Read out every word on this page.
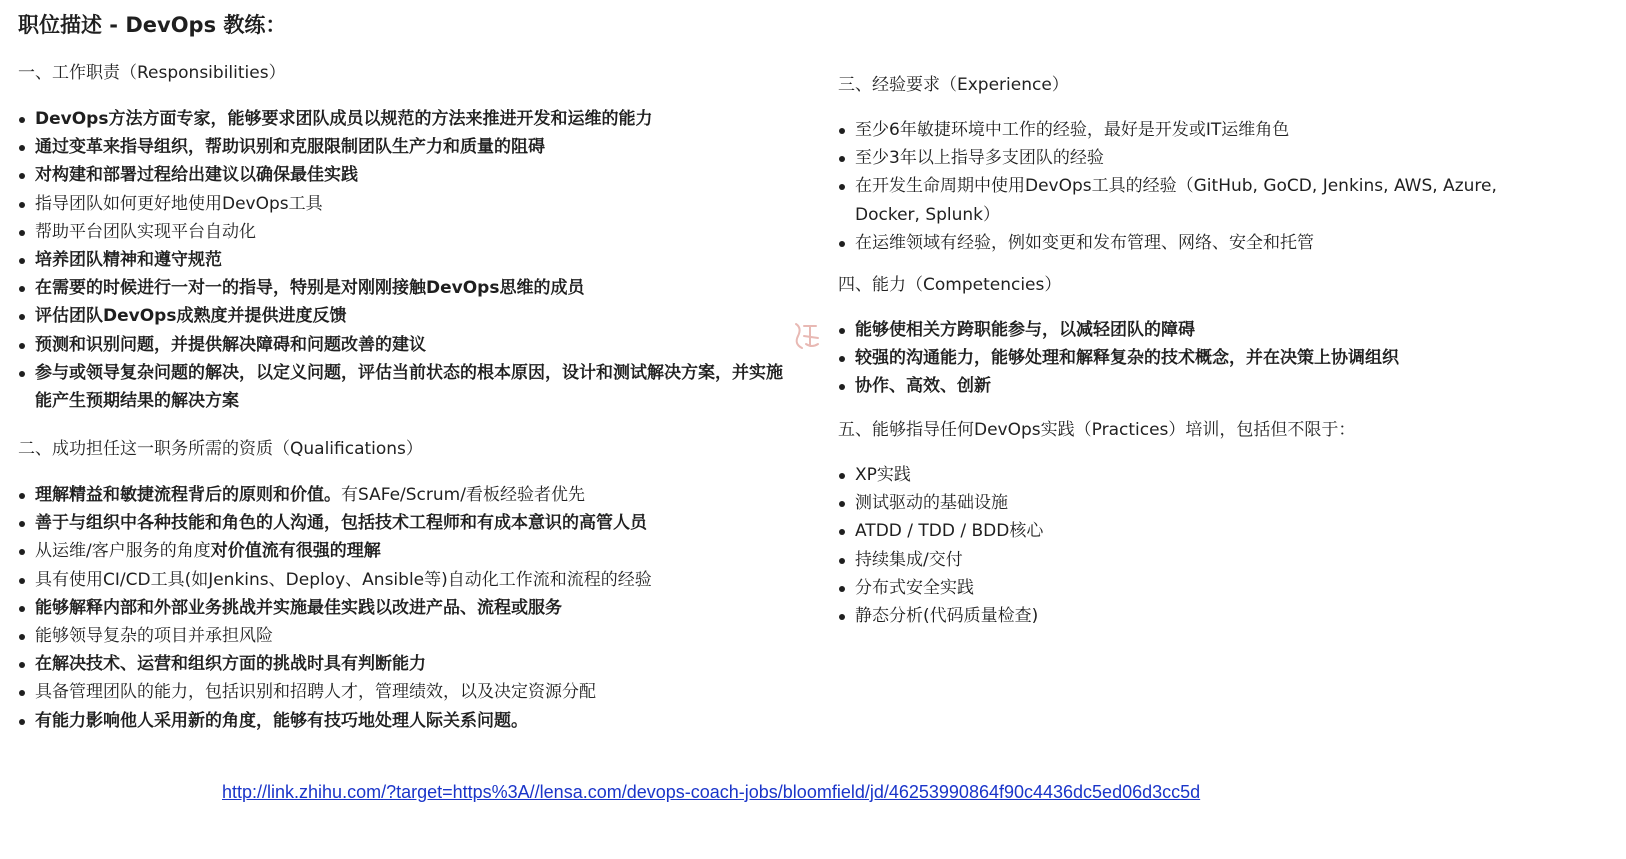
职位描述 - DevOps 教练：
一、工作职责（Responsibilities）
DevOps方法方面专家，能够要求团队成员以规范的方法来推进开发和运维的能力
通过变革来指导组织，帮助识别和克服限制团队生产力和质量的阻碍
对构建和部署过程给出建议以确保最佳实践
指导团队如何更好地使用DevOps工具
帮助平台团队实现平台自动化
培养团队精神和遵守规范
在需要的时候进行一对一的指导，特别是对刚刚接触DevOps思维的成员
评估团队DevOps成熟度并提供进度反馈
预测和识别问题，并提供解决障碍和问题改善的建议
参与或领导复杂问题的解决，以定义问题，评估当前状态的根本原因，设计和测试解决方案，并实施能产生预期结果的解决方案
二、成功担任这一职务所需的资质（Qualifications）
理解精益和敏捷流程背后的原则和价值。有SAFe/Scrum/看板经验者优先
善于与组织中各种技能和角色的人沟通，包括技术工程师和有成本意识的高管人员
从运维/客户服务的角度对价值流有很强的理解
具有使用CI/CD工具(如Jenkins、Deploy、Ansible等)自动化工作流和流程的经验
能够解释内部和外部业务挑战并实施最佳实践以改进产品、流程或服务
能够领导复杂的项目并承担风险
在解决技术、运营和组织方面的挑战时具有判断能力
具备管理团队的能力，包括识别和招聘人才，管理绩效，以及决定资源分配
有能力影响他人采用新的角度，能够有技巧地处理人际关系问题。
三、经验要求（Experience）
至少6年敏捷环境中工作的经验，最好是开发或IT运维角色
至少3年以上指导多支团队的经验
在开发生命周期中使用DevOps工具的经验（GitHub, GoCD, Jenkins, AWS, Azure, Docker, Splunk）
在运维领域有经验，例如变更和发布管理、网络、安全和托管
四、能力（Competencies）
能够使相关方跨职能参与，以减轻团队的障碍
较强的沟通能力，能够处理和解释复杂的技术概念，并在决策上协调组织
协作、高效、创新
五、能够指导任何DevOps实践（Practices）培训，包括但不限于：
XP实践
测试驱动的基础设施
ATDD / TDD / BDD核心
持续集成/交付
分布式安全实践
静态分析(代码质量检查)
http://link.zhihu.com/?target=https%3A//lensa.com/devops-coach-jobs/bloomfield/jd/46253990864f90c4436dc5ed06d3cc5d
